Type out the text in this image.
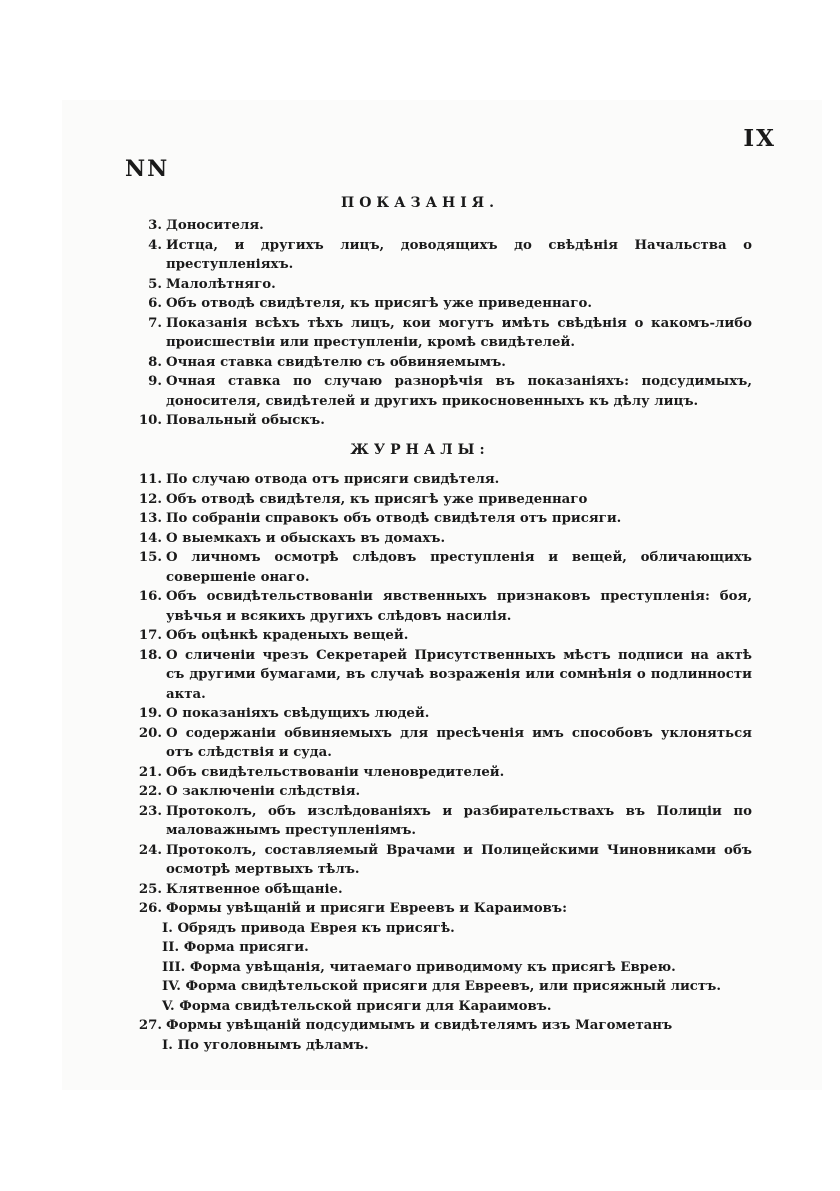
IX
NN
ПОКАЗАНІЯ.
3. Доносителя.
4. Истца, и другихъ лицъ, доводящихъ до свѣдѣнія Начальства о преступленіяхъ.
5. Малолѣтняго.
6. Объ отводѣ свидѣтеля, къ присягѣ уже приведеннаго.
7. Показанія всѣхъ тѣхъ лицъ, кои могутъ имѣть свѣдѣнія о какомъ-либо происшествіи или преступленіи, кромѣ свидѣтелей.
8. Очная ставка свидѣтелю съ обвиняемымъ.
9. Очная ставка по случаю разнорѣчія въ показаніяхъ: подсудимыхъ, доносителя, свидѣтелей и другихъ прикосновенныхъ къ дѣлу лицъ.
10. Повальный обыскъ.
ЖУРНАЛЫ:
11. По случаю отвода отъ присяги свидѣтеля.
12. Объ отводѣ свидѣтеля, къ присягѣ уже приведеннаго
13. По собраніи справокъ объ отводѣ свидѣтеля отъ присяги.
14. О выемкахъ и обыскахъ въ домахъ.
15. О личномъ осмотрѣ слѣдовъ преступленія и вещей, обличающихъ совершеніе онаго.
16. Объ освидѣтельствованіи явственныхъ признаковъ преступленія: боя, увѣчья и всякихъ другихъ слѣдовъ насилія.
17. Объ оцѣнкѣ краденыхъ вещей.
18. О сличеніи чрезъ Секретарей Присутственныхъ мѣстъ подписи на актѣ съ другими бумагами, въ случаѣ возраженія или сомнѣнія о подлинности акта.
19. О показаніяхъ свѣдущихъ людей.
20. О содержаніи обвиняемыхъ для пресѣченія имъ способовъ уклоняться отъ слѣдствія и суда.
21. Объ свидѣтельствованіи членовредителей.
22. О заключеніи слѣдствія.
23. Протоколъ, объ изслѣдованіяхъ и разбирательствахъ въ Полиціи по маловажнымъ преступленіямъ.
24. Протоколъ, составляемый Врачами и Полицейскими Чиновниками объ осмотрѣ мертвыхъ тѣлъ.
25. Клятвенное обѣщаніе.
26. Формы увѣщаній и присяги Евреевъ и Караимовъ:
I. Обрядъ привода Еврея къ присягѣ.
II. Форма присяги.
III. Форма увѣщанія, читаемаго приводимому къ присягѣ Еврею.
IV. Форма свидѣтельской присяги для Евреевъ, или присяжный листъ.
V. Форма свидѣтельской присяги для Караимовъ.
27. Формы увѣщаній подсудимымъ и свидѣтелямъ изъ Магометанъ
I. По уголовнымъ дѣламъ.
